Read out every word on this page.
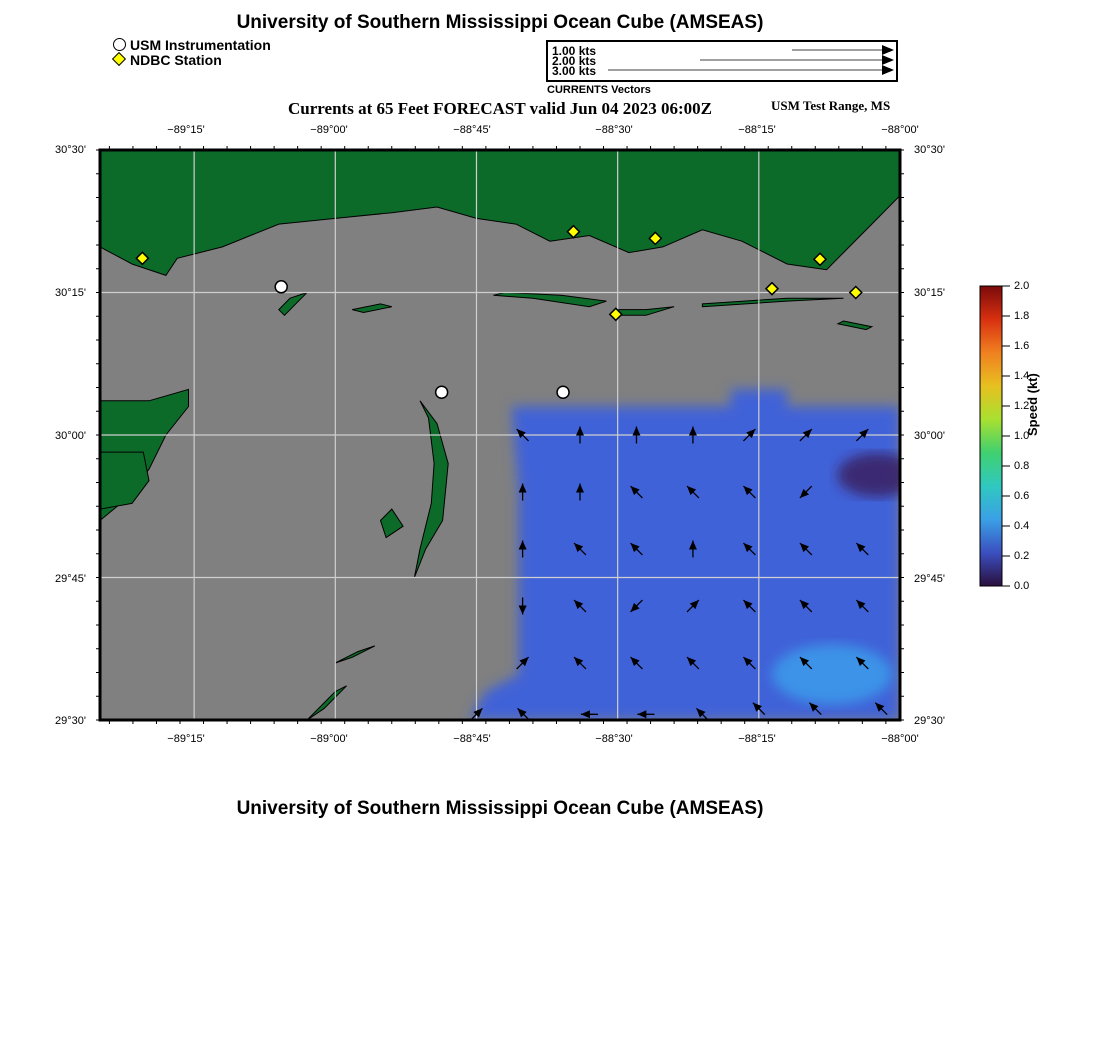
University of Southern Mississippi Ocean Cube (AMSEAS)
USM Instrumentation
NDBC Station
1.00 kts
2.00 kts
3.00 kts
CURRENTS Vectors
Currents at 65 Feet FORECAST valid Jun 04 2023 06:00Z	USM Test Range, MS
−89°15'	−89°00'	−88°45'	−88°30'	−88°15'	−88°00'
−89°15'	−89°00'	−88°45'	−88°30'	−88°15'	−88°00'
30°30'
30°15'
30°00'
29°45'
29°30'
30°30'
30°15'
30°00'
29°45'
29°30'
Speed (kt)
2.0
1.8
1.6
1.4
1.2
1.0
0.8
0.6
0.4
0.2
0.0
University of Southern Mississippi Ocean Cube (AMSEAS)
